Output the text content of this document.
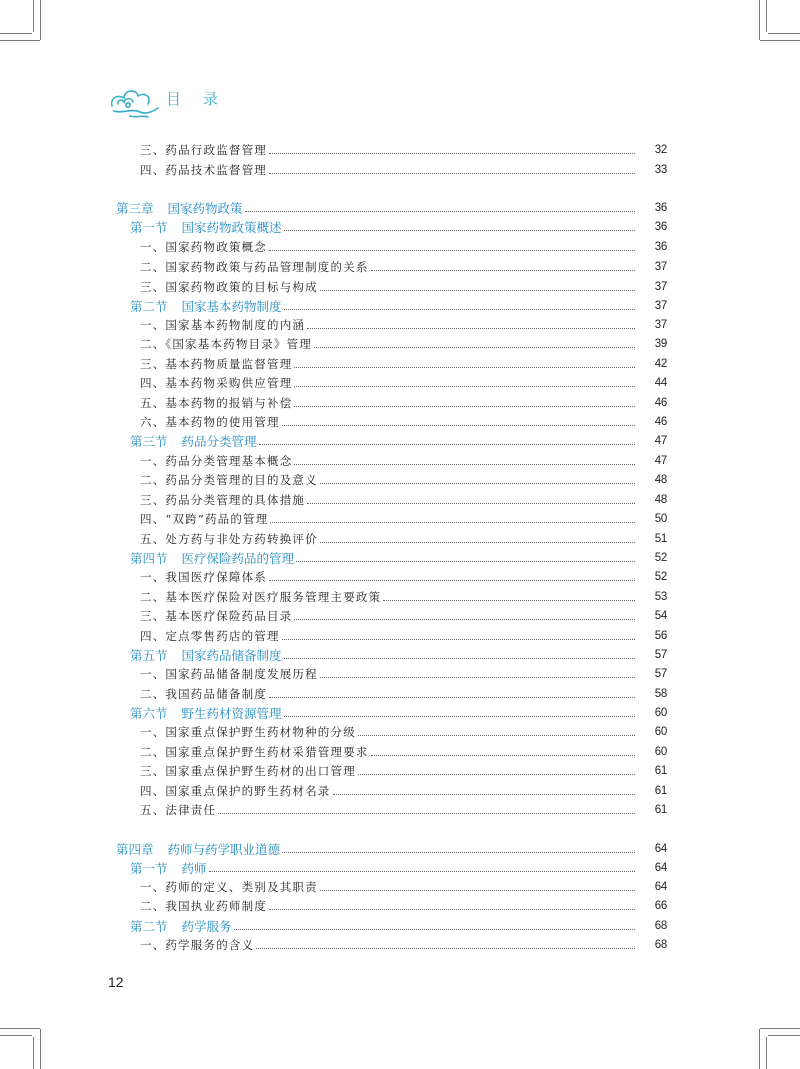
目 录
三、药品行政监督管理	32
四、药品技术监督管理	33
第三章 国家药物政策	36
第一节 国家药物政策概述	36
一、国家药物政策概念	36
二、国家药物政策与药品管理制度的关系	37
三、国家药物政策的目标与构成	37
第二节 国家基本药物制度	37
一、国家基本药物制度的内涵	37
二、《国家基本药物目录》管理	39
三、基本药物质量监督管理	42
四、基本药物采购供应管理	44
五、基本药物的报销与补偿	46
六、基本药物的使用管理	46
第三节 药品分类管理	47
一、药品分类管理基本概念	47
二、药品分类管理的目的及意义	48
三、药品分类管理的具体措施	48
四、“双跨”药品的管理	50
五、处方药与非处方药转换评价	51
第四节 医疗保险药品的管理	52
一、我国医疗保障体系	52
二、基本医疗保险对医疗服务管理主要政策	53
三、基本医疗保险药品目录	54
四、定点零售药店的管理	56
第五节 国家药品储备制度	57
一、国家药品储备制度发展历程	57
二、我国药品储备制度	58
第六节 野生药材资源管理	60
一、国家重点保护野生药材物种的分级	60
二、国家重点保护野生药材采猎管理要求	60
三、国家重点保护野生药材的出口管理	61
四、国家重点保护的野生药材名录	61
五、法律责任	61
第四章 药师与药学职业道德	64
第一节 药师	64
一、药师的定义、类别及其职责	64
二、我国执业药师制度	66
第二节 药学服务	68
一、药学服务的含义	68
12
